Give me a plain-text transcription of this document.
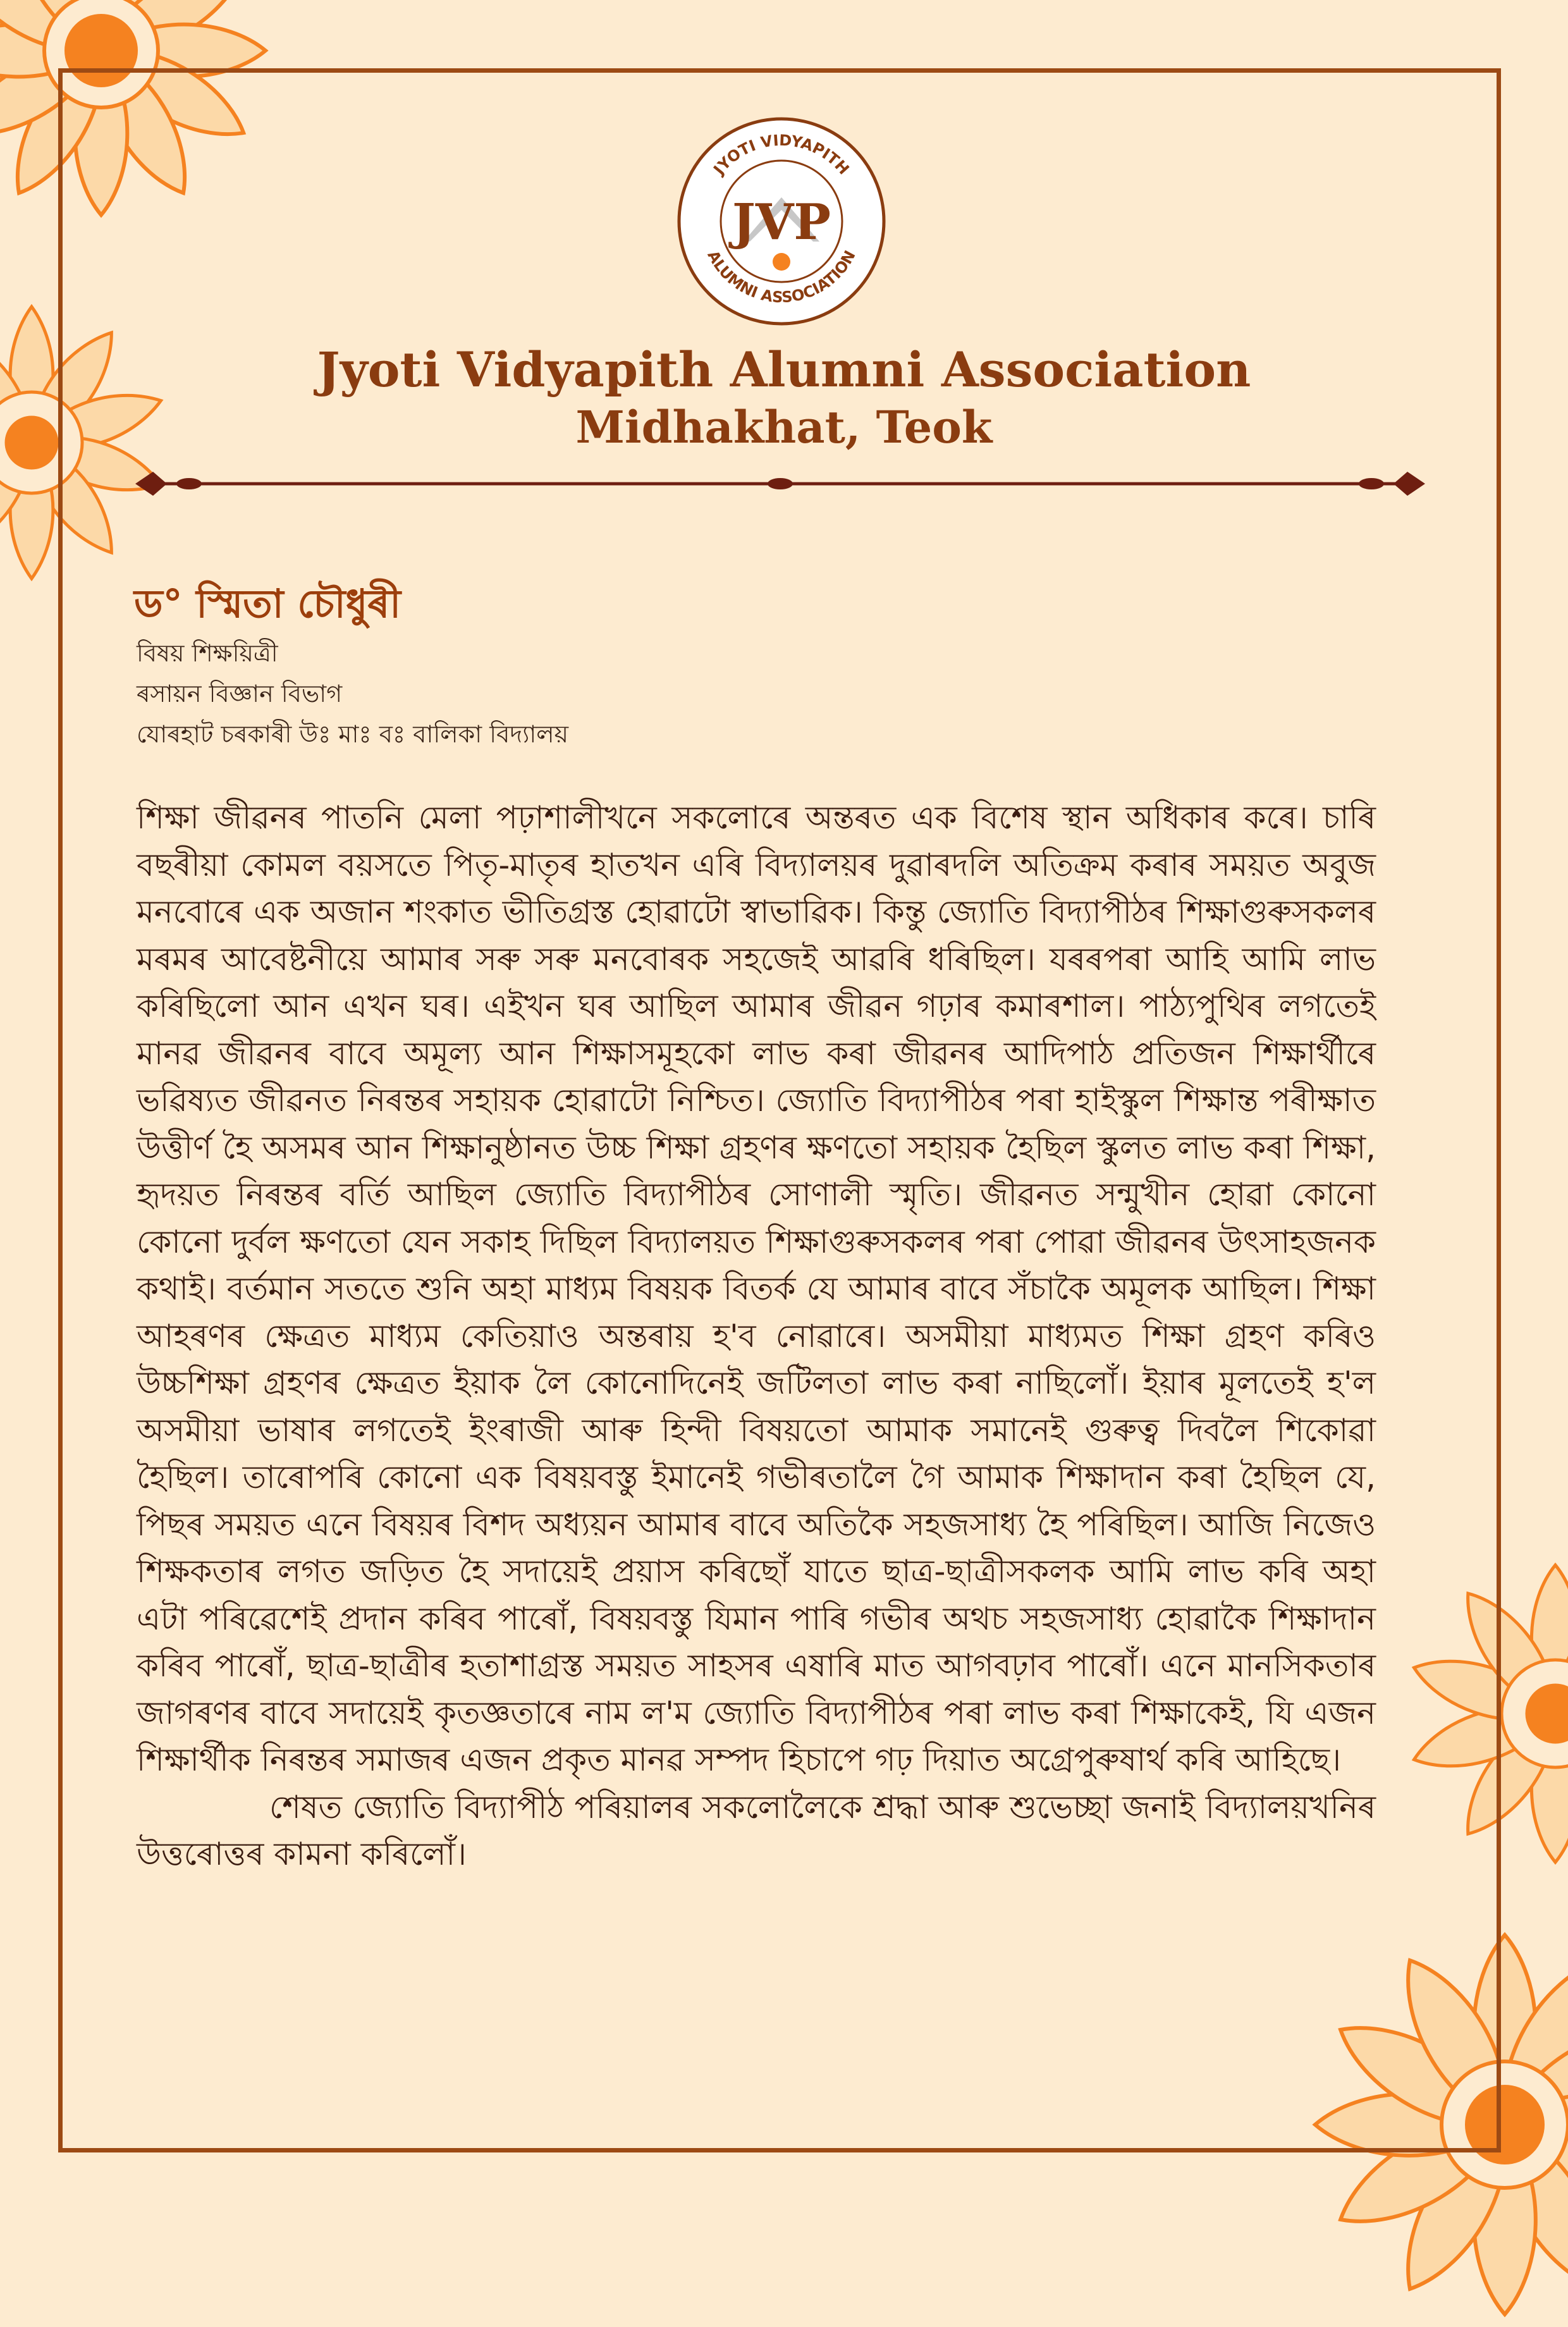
JYOTI VIDYAPITH
ALUMNI ASSOCIATION
JVP
Jyoti Vidyapith Alumni Association
Midhakhat, Teok
ড° স্মিতা চৌধুৰী
বিষয় শিক্ষয়িত্ৰী
ৰসায়ন বিজ্ঞান বিভাগ
যোৰহাট চৰকাৰী উঃ মাঃ বঃ বালিকা বিদ্যালয়

শিক্ষা জীৱনৰ পাতনি মেলা পঢ়াশালীখনে সকলোৰে অন্তৰত এক বিশেষ স্থান অধিকাৰ কৰে। চাৰি বছৰীয়া কোমল বয়সতে পিতৃ-মাতৃৰ হাতখন এৰি বিদ্যালয়ৰ দুৱাৰদলি অতিক্ৰম কৰাৰ সময়ত অবুজ মনবোৰে এক অজান শংকাত ভীতিগ্ৰস্ত হোৱাটো স্বাভাৱিক। কিন্তু জ্যোতি বিদ্যাপীঠৰ শিক্ষাগুৰুসকলৰ মৰমৰ আবেষ্টনীয়ে আমাৰ সৰু সৰু মনবোৰক সহজেই আৱৰি ধৰিছিল। যৰৰপৰা আহি আমি লাভ কৰিছিলো আন এখন ঘৰ। এইখন ঘৰ আছিল আমাৰ জীৱন গঢ়াৰ কমাৰশাল। পাঠ্যপুথিৰ লগতেই মানৱ জীৱনৰ বাবে অমূল্য আন শিক্ষাসমূহকো লাভ কৰা জীৱনৰ আদিপাঠ প্ৰতিজন শিক্ষাৰ্থীৰে ভৱিষ্যত জীৱনত নিৰন্তৰ সহায়ক হোৱাটো নিশ্চিত। জ্যোতি বিদ্যাপীঠৰ পৰা হাইস্কুল শিক্ষান্ত পৰীক্ষাত উত্তীৰ্ণ হৈ অসমৰ আন শিক্ষানুষ্ঠানত উচ্চ শিক্ষা গ্ৰহণৰ ক্ষণতো সহায়ক হৈছিল স্কুলত লাভ কৰা শিক্ষা, হৃদয়ত নিৰন্তৰ বৰ্তি আছিল জ্যোতি বিদ্যাপীঠৰ সোণালী স্মৃতি। জীৱনত সন্মুখীন হোৱা কোনো কোনো দুৰ্বল ক্ষণতো যেন সকাহ দিছিল বিদ্যালয়ত শিক্ষাগুৰুসকলৰ পৰা পোৱা জীৱনৰ উৎসাহজনক কথাই। বৰ্তমান সততে শুনি অহা মাধ্যম বিষয়ক বিতৰ্ক যে আমাৰ বাবে সঁচাকৈ অমূলক আছিল। শিক্ষা আহৰণৰ ক্ষেত্ৰত মাধ্যম কেতিয়াও অন্তৰায় হ'ব নোৱাৰে। অসমীয়া মাধ্যমত শিক্ষা গ্ৰহণ কৰিও উচ্চশিক্ষা গ্ৰহণৰ ক্ষেত্ৰত ইয়াক লৈ কোনোদিনেই জটিলতা লাভ কৰা নাছিলোঁ। ইয়াৰ মূলতেই হ'ল অসমীয়া ভাষাৰ লগতেই ইংৰাজী আৰু হিন্দী বিষয়তো আমাক সমানেই গুৰুত্ব দিবলৈ শিকোৱা হৈছিল। তাৰোপৰি কোনো এক বিষয়বস্তু ইমানেই গভীৰতালৈ গৈ আমাক শিক্ষাদান কৰা হৈছিল যে, পিছৰ সময়ত এনে বিষয়ৰ বিশদ অধ্যয়ন আমাৰ বাবে অতিকৈ সহজসাধ্য হৈ পৰিছিল। আজি নিজেও শিক্ষকতাৰ লগত জড়িত হৈ সদায়েই প্ৰয়াস কৰিছোঁ যাতে ছাত্ৰ-ছাত্ৰীসকলক আমি লাভ কৰি অহা এটা পৰিৱেশেই প্ৰদান কৰিব পাৰোঁ, বিষয়বস্তু যিমান পাৰি গভীৰ অথচ সহজসাধ্য হোৱাকৈ শিক্ষাদান কৰিব পাৰোঁ, ছাত্ৰ-ছাত্ৰীৰ হতাশাগ্ৰস্ত সময়ত সাহসৰ এষাৰি মাত আগবঢ়াব পাৰোঁ। এনে মানসিকতাৰ জাগৰণৰ বাবে সদায়েই কৃতজ্ঞতাৰে নাম ল'ম জ্যোতি বিদ্যাপীঠৰ পৰা লাভ কৰা শিক্ষাকেই, যি এজন শিক্ষাৰ্থীক নিৰন্তৰ সমাজৰ এজন প্ৰকৃত মানৱ সম্পদ হিচাপে গঢ় দিয়াত অগ্ৰেপুৰুষাৰ্থ কৰি আহিছে।

শেষত জ্যোতি বিদ্যাপীঠ পৰিয়ালৰ সকলোলৈকে শ্ৰদ্ধা আৰু শুভেচ্ছা জনাই বিদ্যালয়খনিৰ উত্তৰোত্তৰ কামনা কৰিলোঁ।
